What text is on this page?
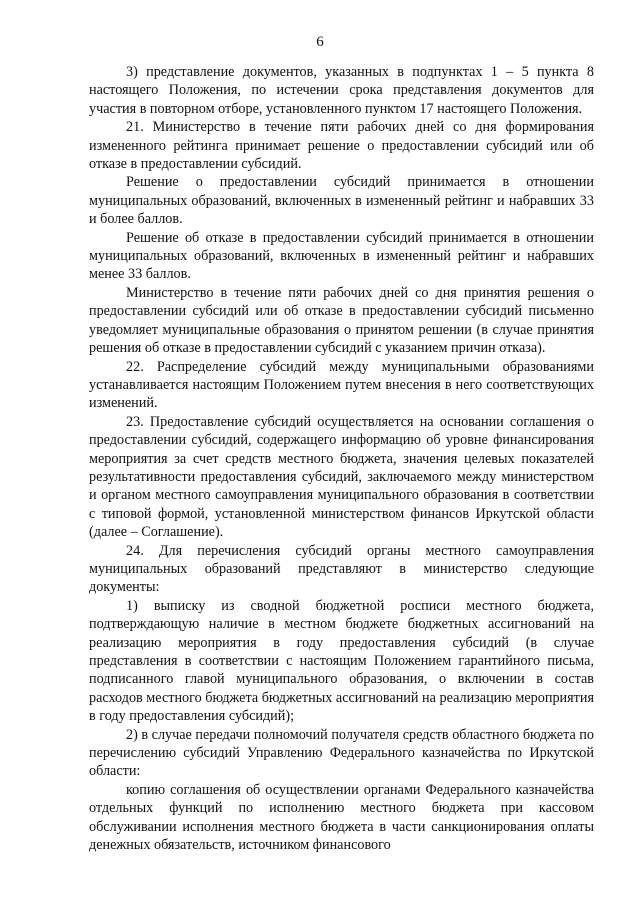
6

3) представление документов, указанных в подпунктах 1 – 5 пункта 8 настоящего Положения, по истечении срока представления документов для участия в повторном отборе, установленного пунктом 17 настоящего Положения.

21. Министерство в течение пяти рабочих дней со дня формирования измененного рейтинга принимает решение о предоставлении субсидий или об отказе в предоставлении субсидий.

Решение о предоставлении субсидий принимается в отношении муниципальных образований, включенных в измененный рейтинг и набравших 33 и более баллов.

Решение об отказе в предоставлении субсидий принимается в отношении муниципальных образований, включенных в измененный рейтинг и набравших менее 33 баллов.

Министерство в течение пяти рабочих дней со дня принятия решения о предоставлении субсидий или об отказе в предоставлении субсидий письменно уведомляет муниципальные образования о принятом решении (в случае принятия решения об отказе в предоставлении субсидий с указанием причин отказа).

22. Распределение субсидий между муниципальными образованиями устанавливается настоящим Положением путем внесения в него соответствующих изменений.

23. Предоставление субсидий осуществляется на основании соглашения о предоставлении субсидий, содержащего информацию об уровне финансирования мероприятия за счет средств местного бюджета, значения целевых показателей результативности предоставления субсидий, заключаемого между министерством и органом местного самоуправления муниципального образования в соответствии с типовой формой, установленной министерством финансов Иркутской области (далее – Соглашение).

24. Для перечисления субсидий органы местного самоуправления муниципальных образований представляют в министерство следующие документы:

1) выписку из сводной бюджетной росписи местного бюджета, подтверждающую наличие в местном бюджете бюджетных ассигнований на реализацию мероприятия в году предоставления субсидий (в случае представления в соответствии с настоящим Положением гарантийного письма, подписанного главой муниципального образования, о включении в состав расходов местного бюджета бюджетных ассигнований на реализацию мероприятия в году предоставления субсидий);

2) в случае передачи полномочий получателя средств областного бюджета по перечислению субсидий Управлению Федерального казначейства по Иркутской области:

копию соглашения об осуществлении органами Федерального казначейства отдельных функций по исполнению местного бюджета при кассовом обслуживании исполнения местного бюджета в части санкционирования оплаты денежных обязательств, источником финансового
